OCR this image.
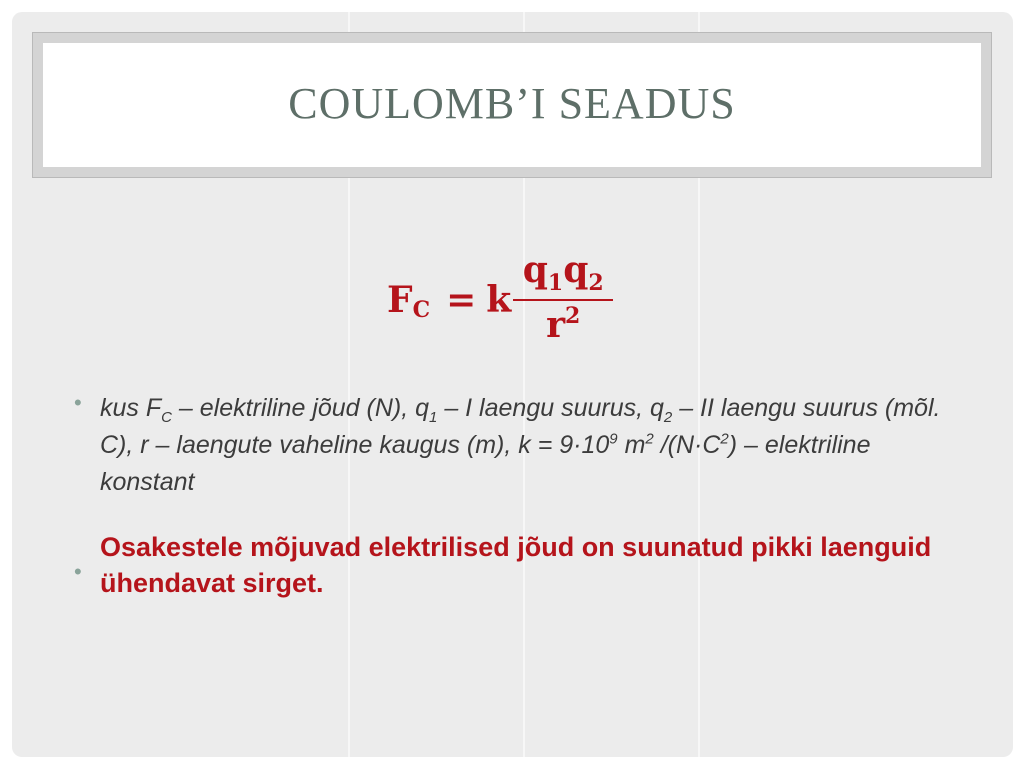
COULOMB’I SEADUS
F C = k $\frac{q_1q_2}{r^2}$
• kus $F_C$ – elektriline jõud (N), $q_1$ – I laengu suurus, $q_2$ – II laengu suurus (mõl. C), r – laengute vaheline kaugus (m), $k = 9\cdot 10^9$ $m^2$ $/(N\cdot C^2)$ – elektriline konstant
•
Osakestele mõjuvad elektrilised jõud on suunatud pikki laenguid ühendavat sirget.
